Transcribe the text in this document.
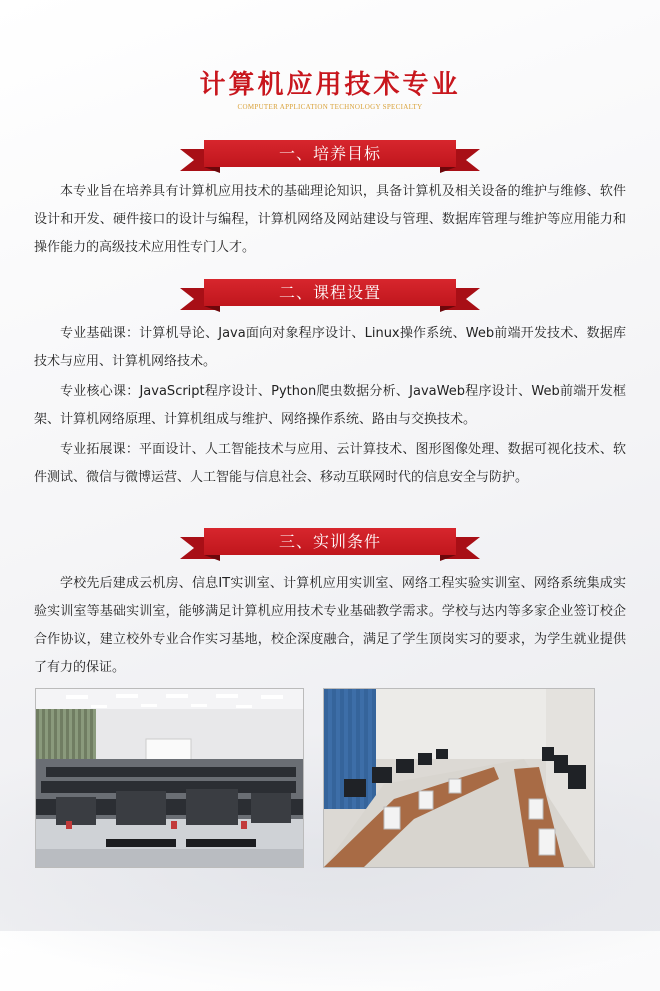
计算机应用技术专业
COMPUTER APPLICATION TECHNOLOGY SPECIALTY
一、培养目标

本专业旨在培养具有计算机应用技术的基础理论知识，具备计算机及相关设备的维护与维修、软件设计和开发、硬件接口的设计与编程，计算机网络及网站建设与管理、数据库管理与维护等应用能力和操作能力的高级技术应用性专门人才。

二、课程设置

专业基础课：计算机导论、Java面向对象程序设计、Linux操作系统、Web前端开发技术、数据库技术与应用、计算机网络技术。

专业核心课：JavaScript程序设计、Python爬虫数据分析、JavaWeb程序设计、Web前端开发框架、计算机网络原理、计算机组成与维护、网络操作系统、路由与交换技术。

专业拓展课：平面设计、人工智能技术与应用、云计算技术、图形图像处理、数据可视化技术、软件测试、微信与微博运营、人工智能与信息社会、移动互联网时代的信息安全与防护。

三、实训条件

学校先后建成云机房、信息IT实训室、计算机应用实训室、网络工程实验实训室、网络系统集成实验实训室等基础实训室，能够满足计算机应用技术专业基础教学需求。学校与达内等多家企业签订校企合作协议，建立校外专业合作实习基地，校企深度融合，满足了学生顶岗实习的要求，为学生就业提供了有力的保证。
